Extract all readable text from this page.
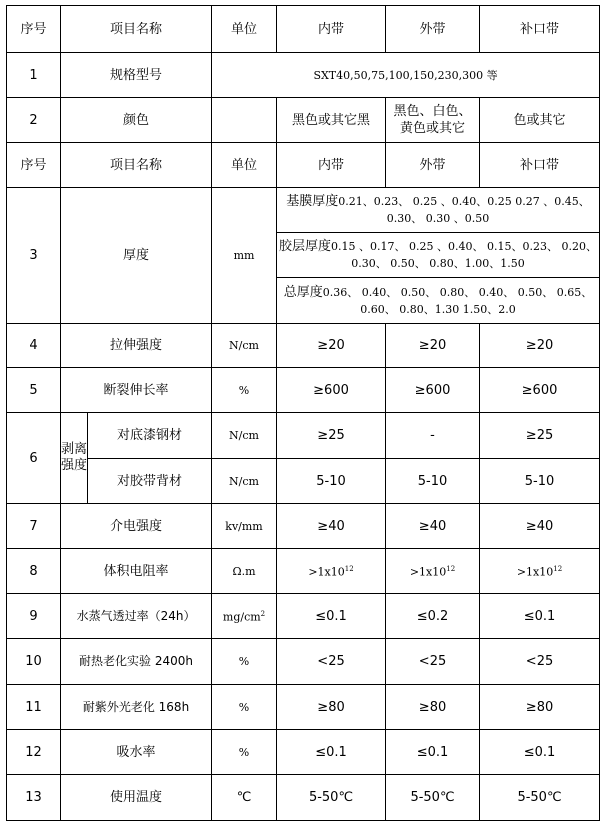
序号	项目名称		单位	内带	外带	补口带
1	规格型号		SXT40,50,75,100,150,230,300 等			
2	颜色			黑色或其它黑	黑色、白色、黄色或其它	色或其它
序号	项目名称		单位	内带	外带	补口带
3	厚度		mm	基膜厚度0.21、0.23、 0.25 、0.40、0.25 0.27 、0.45、 0.30、 0.30 、0.50		
				胶层厚度0.15 、0.17、 0.25 、0.40、 0.15、0.23、 0.20、0.30、 0.50、 0.80、1.00、1.50		
				总厚度0.36、 0.40、 0.50、 0.80、 0.40、 0.50、 0.65、 0.60、 0.80、1.30 1.50、2.0		
4	拉伸强度		N/cm	≥20	≥20	≥20
5	断裂伸长率		%	≥600	≥600	≥600
6	剥离强度	对底漆钢材	N/cm	≥25	-	≥25
		对胶带背材	N/cm	5-10	5-10	5-10
7	介电强度		kv/mm	≥40	≥40	≥40
8	体积电阻率		Ω.m	$>1x10^{12}$	$>1x10^{12}$	$>1x10^{12}$
9	水蒸气透过率（24h）		$mg/cm^2$	≤0.1	≤0.2	≤0.1
10	耐热老化实验 2400h		%	<25	<25	<25
11	耐紫外光老化 168h		%	≥80	≥80	≥80
12	吸水率		%	≤0.1	≤0.1	≤0.1
13	使用温度		℃	5-50℃	5-50℃	5-50℃
